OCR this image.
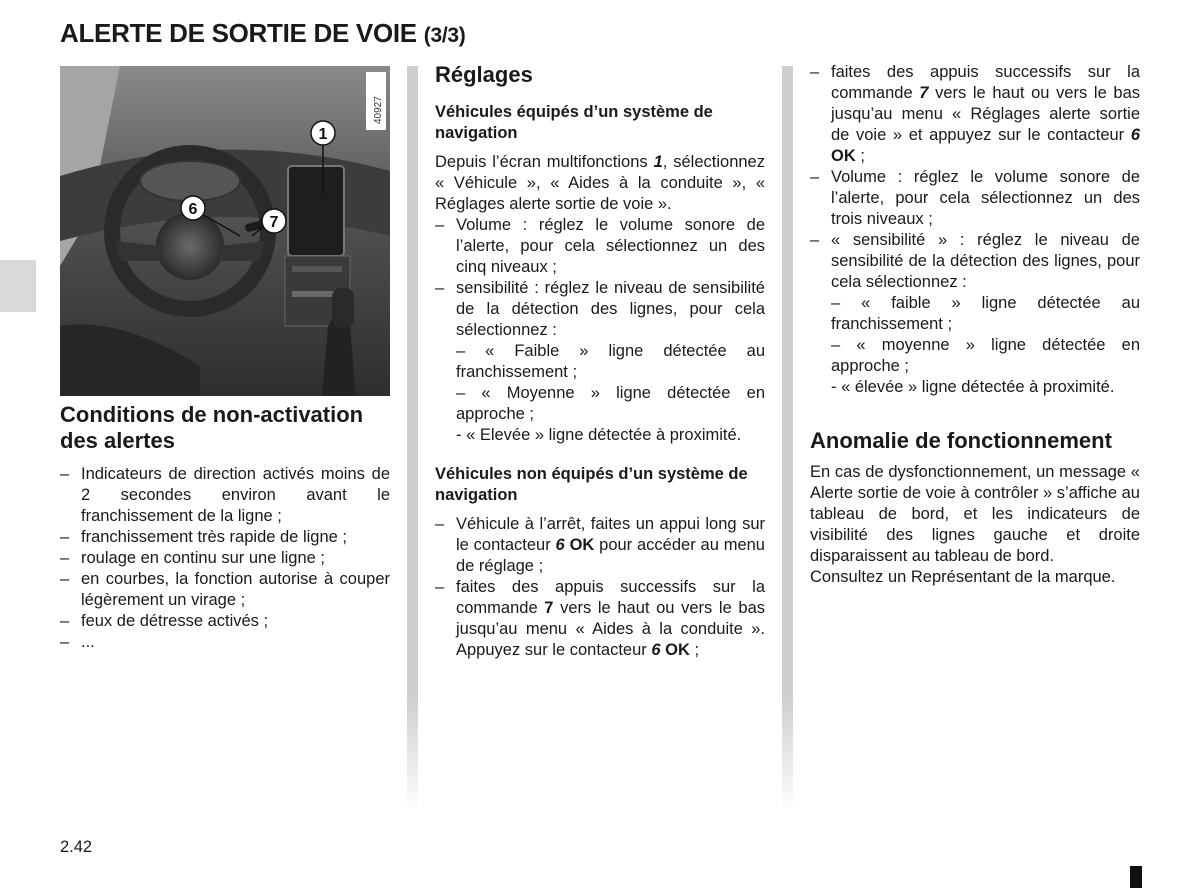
ALERTE DE SORTIE DE VOIE (3/3)
40927
1
6
7
Conditions de non-activation des alertes
– Indicateurs de direction activés moins de 2 secondes environ avant le franchissement de la ligne ;
– franchissement très rapide de ligne ;
– roulage en continu sur une ligne ;
– en courbes, la fonction autorise à couper légèrement un virage ;
– feux de détresse activés ;
– ...
Réglages
Véhicules équipés d’un système de navigation

Depuis l’écran multifonctions 1, sélectionnez « Véhicule », « Aides à la conduite », « Réglages alerte sortie de voie ».

– Volume : réglez le volume sonore de l’alerte, pour cela sélectionnez un des cinq niveaux ;
– sensibilité : réglez le niveau de sensibilité de la détection des lignes, pour cela sélectionnez :
– « Faible » ligne détectée au franchissement ;
– « Moyenne » ligne détectée en approche ;
- « Elevée » ligne détectée à proximité.
Véhicules non équipés d’un système de navigation
– Véhicule à l’arrêt, faites un appui long sur le contacteur 6 OK pour accéder au menu de réglage ;
– faites des appuis successifs sur la commande 7 vers le haut ou vers le bas jusqu’au menu « Aides à la conduite ». Appuyez sur le contacteur 6 OK ;
– faites des appuis successifs sur la commande 7 vers le haut ou vers le bas jusqu’au menu « Réglages alerte sortie de voie » et appuyez sur le contacteur 6 OK ;
– Volume : réglez le volume sonore de l’alerte, pour cela sélectionnez un des trois niveaux ;
– « sensibilité » : réglez le niveau de sensibilité de la détection des lignes, pour cela sélectionnez :
– « faible » ligne détectée au franchissement ;
– « moyenne » ligne détectée en approche ;
- « élevée » ligne détectée à proximité.
Anomalie de fonctionnement

En cas de dysfonctionnement, un message « Alerte sortie de voie à contrôler » s’affiche au tableau de bord, et les indicateurs de visibilité des lignes gauche et droite disparaissent au tableau de bord.

Consultez un Représentant de la marque.

2.42
